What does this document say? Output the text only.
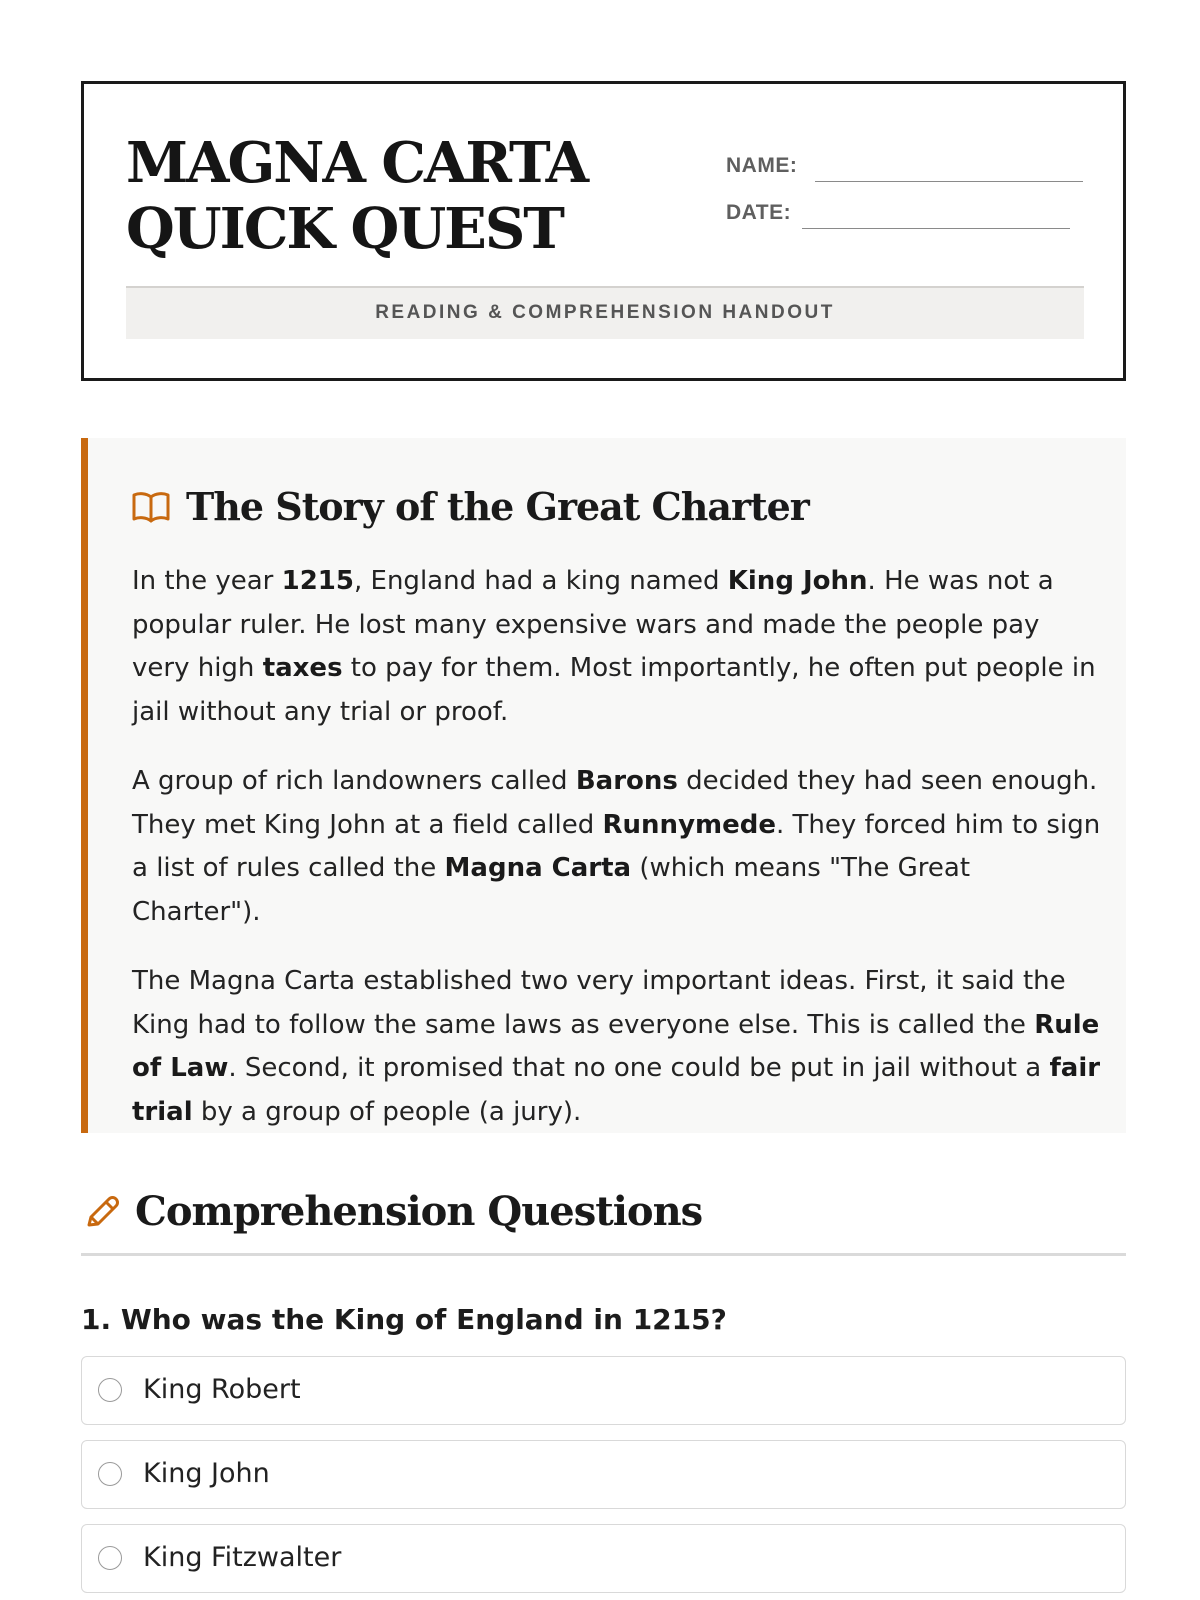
MAGNA CARTA
QUICK QUEST
NAME:
DATE:
READING & COMPREHENSION HANDOUT
The Story of the Great Charter

In the year 1215, England had a king named King John. He was not a popular ruler. He lost many expensive wars and made the people pay very high taxes to pay for them. Most importantly, he often put people in jail without any trial or proof.

A group of rich landowners called Barons decided they had seen enough. They met King John at a field called Runnymede. They forced him to sign a list of rules called the Magna Carta (which means "The Great Charter").

The Magna Carta established two very important ideas. First, it said the King had to follow the same laws as everyone else. This is called the Rule of Law. Second, it promised that no one could be put in jail without a fair trial by a group of people (a jury).

Comprehension Questions
1. Who was the King of England in 1215?
King Robert
King John
King Fitzwalter
